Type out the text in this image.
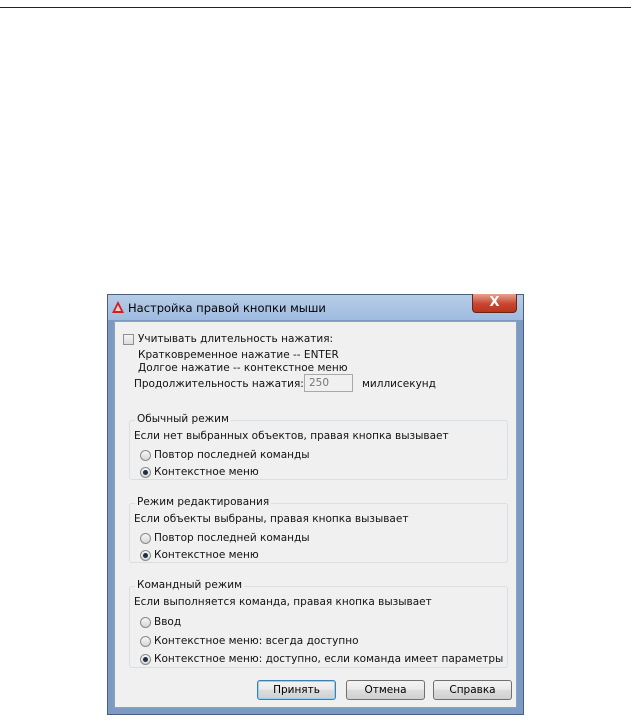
Настройка правой кнопки мыши	X
Учитывать длительность нажатия:
Кратковременное нажатие -- ENTER
Долгое нажатие -- контекстное меню
Продолжительность нажатия:
250	миллисекунд
Обычный режим
Если нет выбранных объектов, правая кнопка вызывает
Повтор последней команды
Контекстное меню
Режим редактирования
Если объекты выбраны, правая кнопка вызывает
Повтор последней команды
Контекстное меню
Командный режим
Если выполняется команда, правая кнопка вызывает
Ввод
Контекстное меню: всегда доступно
Контекстное меню: доступно, если команда имеет параметры
Принять	Отмена	Справка
